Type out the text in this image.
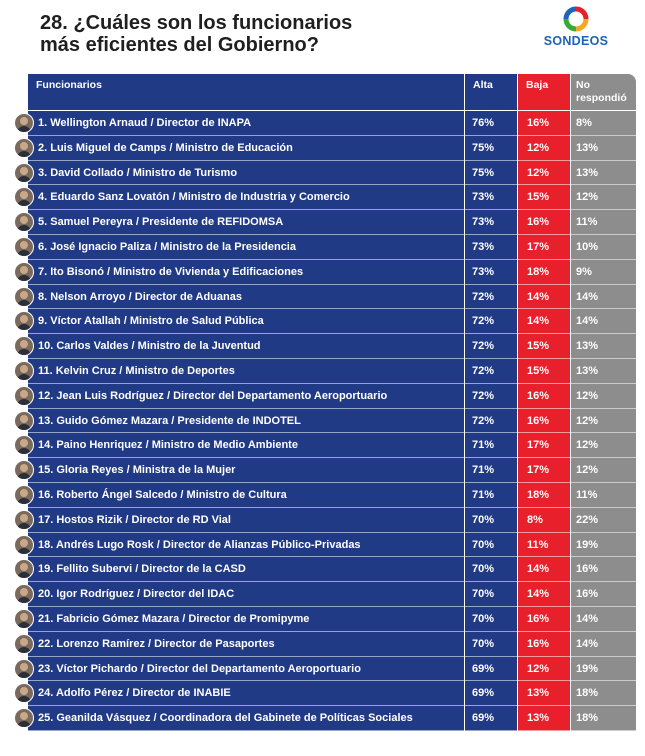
28. ¿Cuáles son los funcionarios
más eficientes del Gobierno?	SONDEOS
Funcionarios	Alta	Baja	No
respondió
1. Wellington Arnaud / Director de INAPA	76%	16% 8%
2. Luis Miguel de Camps / Ministro de Educación	75%	12% 13%
3. David Collado / Ministro de Turismo	75%	12% 13%
4. Eduardo Sanz Lovatón / Ministro de Industria y Comercio	73%	15% 12%
5. Samuel Pereyra / Presidente de REFIDOMSA	73%	16% 11%
6. José Ignacio Paliza / Ministro de la Presidencia	73%	17% 10%
7. Ito Bisonó / Ministro de Vivienda y Edificaciones	73%	18% 9%
8. Nelson Arroyo / Director de Aduanas	72%	14% 14%
9. Víctor Atallah / Ministro de Salud Pública	72%	14% 14%
10. Carlos Valdes / Ministro de la Juventud	72%	15% 13%
11. Kelvin Cruz / Ministro de Deportes	72%	15% 13%
12. Jean Luis Rodríguez / Director del Departamento Aeroportuario	72%	16% 12%
13. Guido Gómez Mazara / Presidente de INDOTEL	72%	16% 12%
14. Paino Henriquez / Ministro de Medio Ambiente	71%	17% 12%
15. Gloria Reyes / Ministra de la Mujer	71%	17% 12%
16. Roberto Ángel Salcedo / Ministro de Cultura	71%	18% 11%
17. Hostos Rizik / Director de RD Vial	70%	8%	22%
18. Andrés Lugo Rosk / Director de Alianzas Público-Privadas	70%	11%	19%
19. Fellito Subervi / Director de la CASD	70%	14% 16%
20. Igor Rodríguez / Director del IDAC	70%	14% 16%
21. Fabricio Gómez Mazara / Director de Promipyme	70%	16% 14%
22. Lorenzo Ramírez / Director de Pasaportes	70%	16% 14%
23. Víctor Pichardo / Director del Departamento Aeroportuario	69%	12% 19%
24. Adolfo Pérez / Director de INABIE	69%	13% 18%
25. Geanilda Vásquez / Coordinadora del Gabinete de Políticas Sociales	69%	13% 18%
